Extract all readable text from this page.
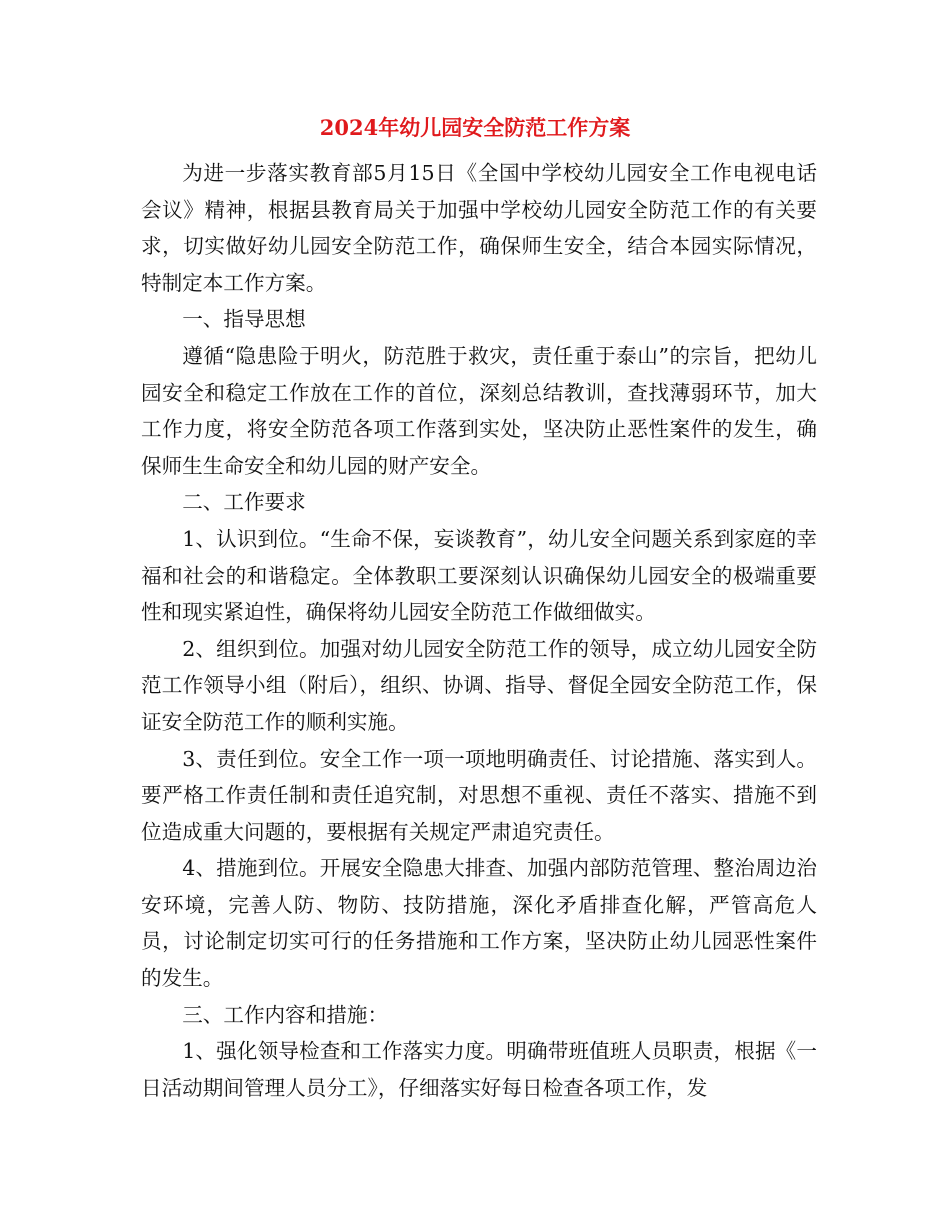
2024年幼儿园安全防范工作方案

为进一步落实教育部5月15日《全国中学校幼儿园安全工作电视电话会议》精神，根据县教育局关于加强中学校幼儿园安全防范工作的有关要求，切实做好幼儿园安全防范工作，确保师生安全，结合本园实际情况，特制定本工作方案。

一、指导思想

遵循“隐患险于明火，防范胜于救灾，责任重于泰山”的宗旨，把幼儿园安全和稳定工作放在工作的首位，深刻总结教训，查找薄弱环节，加大工作力度，将安全防范各项工作落到实处，坚决防止恶性案件的发生，确保师生生命安全和幼儿园的财产安全。

二、工作要求

1、认识到位。“生命不保，妄谈教育”，幼儿安全问题关系到家庭的幸福和社会的和谐稳定。全体教职工要深刻认识确保幼儿园安全的极端重要性和现实紧迫性，确保将幼儿园安全防范工作做细做实。

2、组织到位。加强对幼儿园安全防范工作的领导，成立幼儿园安全防范工作领导小组（附后），组织、协调、指导、督促全园安全防范工作，保证安全防范工作的顺利实施。

3、责任到位。安全工作一项一项地明确责任、讨论措施、落实到人。要严格工作责任制和责任追究制，对思想不重视、责任不落实、措施不到位造成重大问题的，要根据有关规定严肃追究责任。

4、措施到位。开展安全隐患大排查、加强内部防范管理、整治周边治安环境，完善人防、物防、技防措施，深化矛盾排查化解，严管高危人员，讨论制定切实可行的任务措施和工作方案，坚决防止幼儿园恶性案件的发生。

三、工作内容和措施：

1、强化领导检查和工作落实力度。明确带班值班人员职责，根据《一日活动期间管理人员分工》，仔细落实好每日检查各项工作，发
